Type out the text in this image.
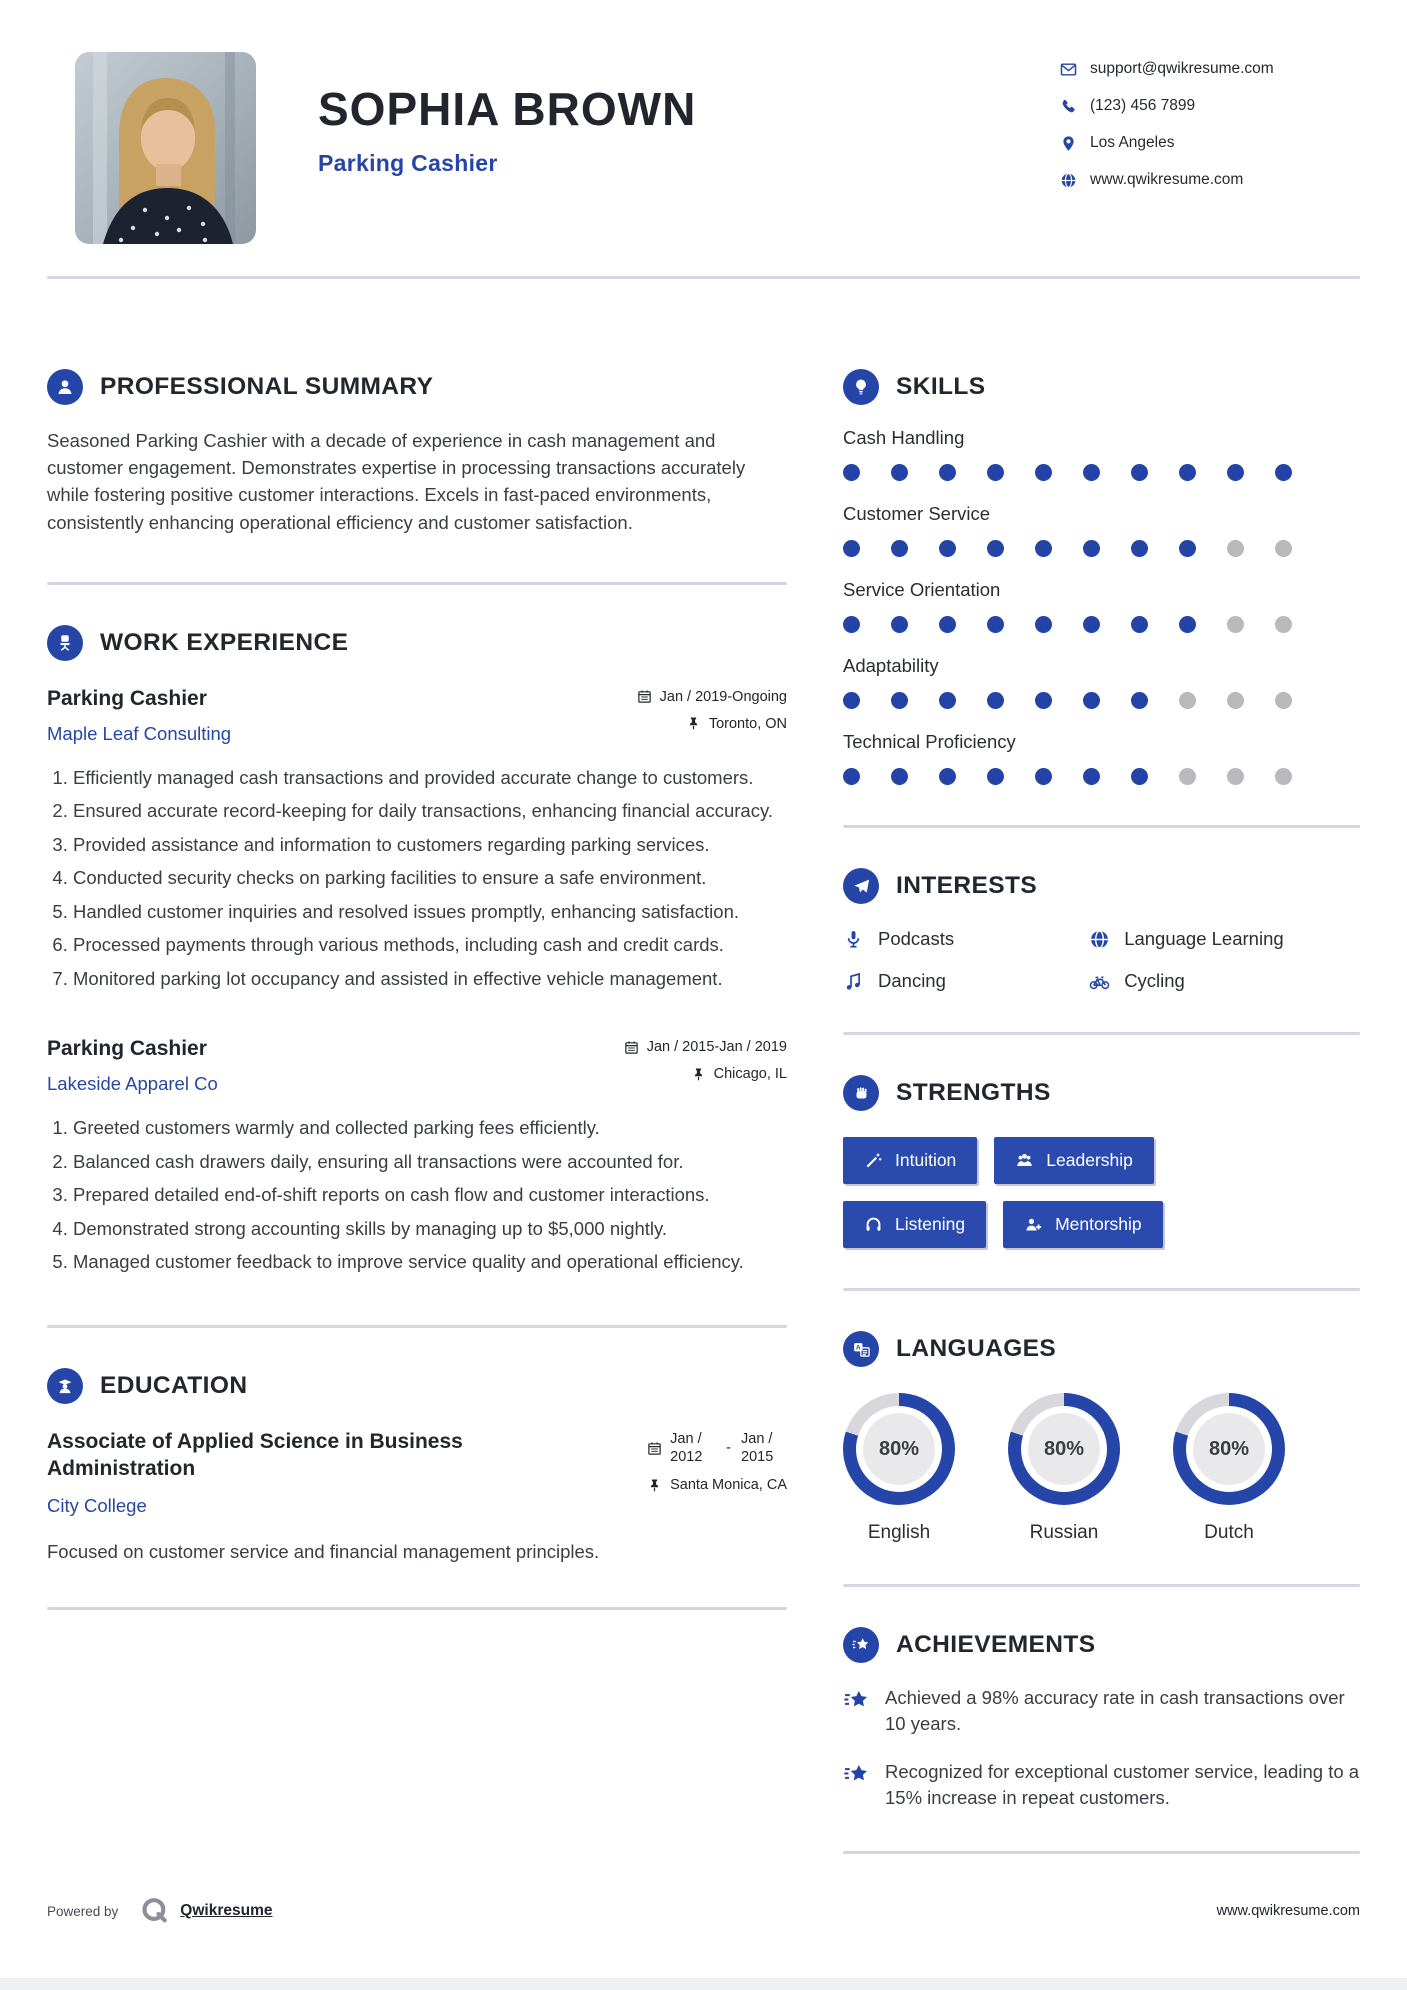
SOPHIA BROWN
Parking Cashier
support@qwikresume.com
(123) 456 7899
Los Angeles
www.qwikresume.com
PROFESSIONAL SUMMARY

Seasoned Parking Cashier with a decade of experience in cash management and customer engagement. Demonstrates expertise in processing transactions accurately while fostering positive customer interactions. Excels in fast-paced environments, consistently enhancing operational efficiency and customer satisfaction.

WORK EXPERIENCE
Parking Cashier
Maple Leaf Consulting
Jan / 2019-Ongoing
Toronto, ON
1. Efficiently managed cash transactions and provided accurate change to customers.
2. Ensured accurate record-keeping for daily transactions, enhancing financial accuracy.
3. Provided assistance and information to customers regarding parking services.
4. Conducted security checks on parking facilities to ensure a safe environment.
5. Handled customer inquiries and resolved issues promptly, enhancing satisfaction.
6. Processed payments through various methods, including cash and credit cards.
7. Monitored parking lot occupancy and assisted in effective vehicle management.
Parking Cashier
Lakeside Apparel Co
Jan / 2015-Jan / 2019
Chicago, IL
1. Greeted customers warmly and collected parking fees efficiently.
2. Balanced cash drawers daily, ensuring all transactions were accounted for.
3. Prepared detailed end-of-shift reports on cash flow and customer interactions.
4. Demonstrated strong accounting skills by managing up to $5,000 nightly.
5. Managed customer feedback to improve service quality and operational efficiency.
EDUCATION
Associate of Applied Science in Business Administration
City College
Jan / 2012
-
Jan / 2015
Santa Monica, CA

Focused on customer service and financial management principles.

SKILLS
Cash Handling
Customer Service
Service Orientation
Adaptability
Technical Proficiency
INTERESTS
Podcasts	Language Learning
Dancing	Cycling
STRENGTHS
Intuition	Leadership
Listening	Mentorship
A LANGUAGES
80%
English
80%
Russian
80%
Dutch
ACHIEVEMENTS
Achieved a 98% accuracy rate in cash transactions over 10 years.
Recognized for exceptional customer service, leading to a 15% increase in repeat customers.
Powered by	Qwikresume	www.qwikresume.com
